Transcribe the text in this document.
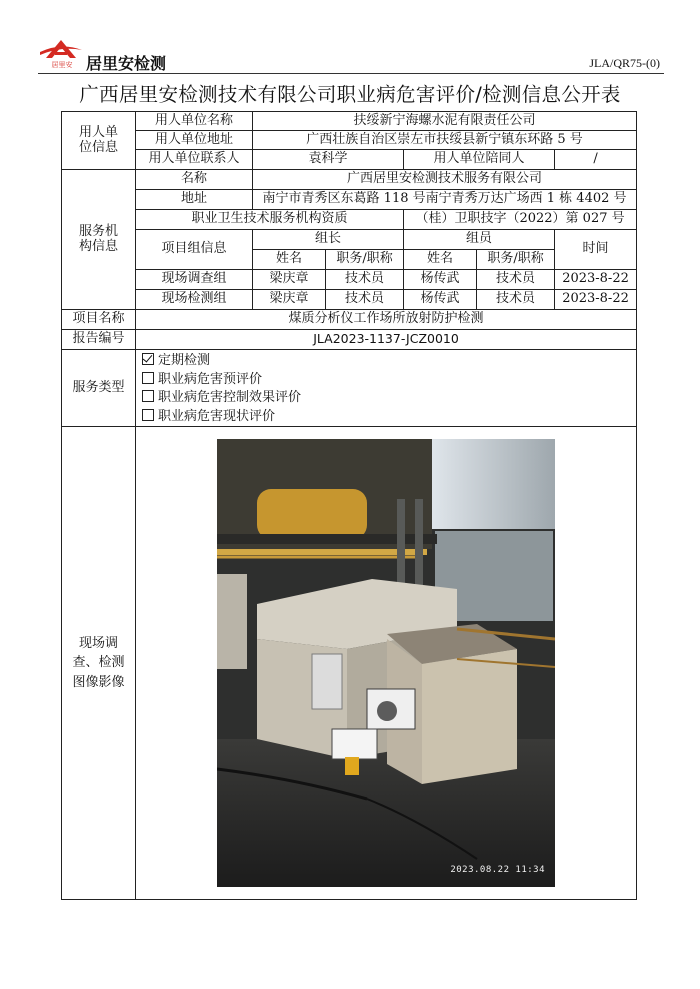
居里安 居里安检测	JLA/QR75-(0)
广西居里安检测技术有限公司职业病危害评价/检测信息公开表
用人单位信息	用人单位名称	扶绥新宁海螺水泥有限责任公司				
	用人单位地址	广西壮族自治区崇左市扶绥县新宁镇东环路 5 号				
	用人单位联系人	袁科学		用人单位陪同人		/
服务机构信息	名称	广西居里安检测技术服务有限公司				
	地址	南宁市青秀区东葛路 118 号南宁青秀万达广场西 1 栋 4402 号				
	职业卫生技术服务机构资质			（桂）卫职技字（2022）第 027 号		
	项目组信息	组长		组员		时间
		姓名	职务/职称	姓名	职务/职称	
	现场调查组	梁庆章	技术员	杨传武	技术员	2023-8-22
	现场检测组	梁庆章	技术员	杨传武	技术员	2023-8-22
项目名称	煤质分析仪工作场所放射防护检测					
报告编号	JLA2023-1137-JCZ0010					
服务类型	定期检测
职业病危害预评价
职业病危害控制效果评价
职业病危害现状评价					

现场调查、检测图像影像	2023.08.22 11:34					
